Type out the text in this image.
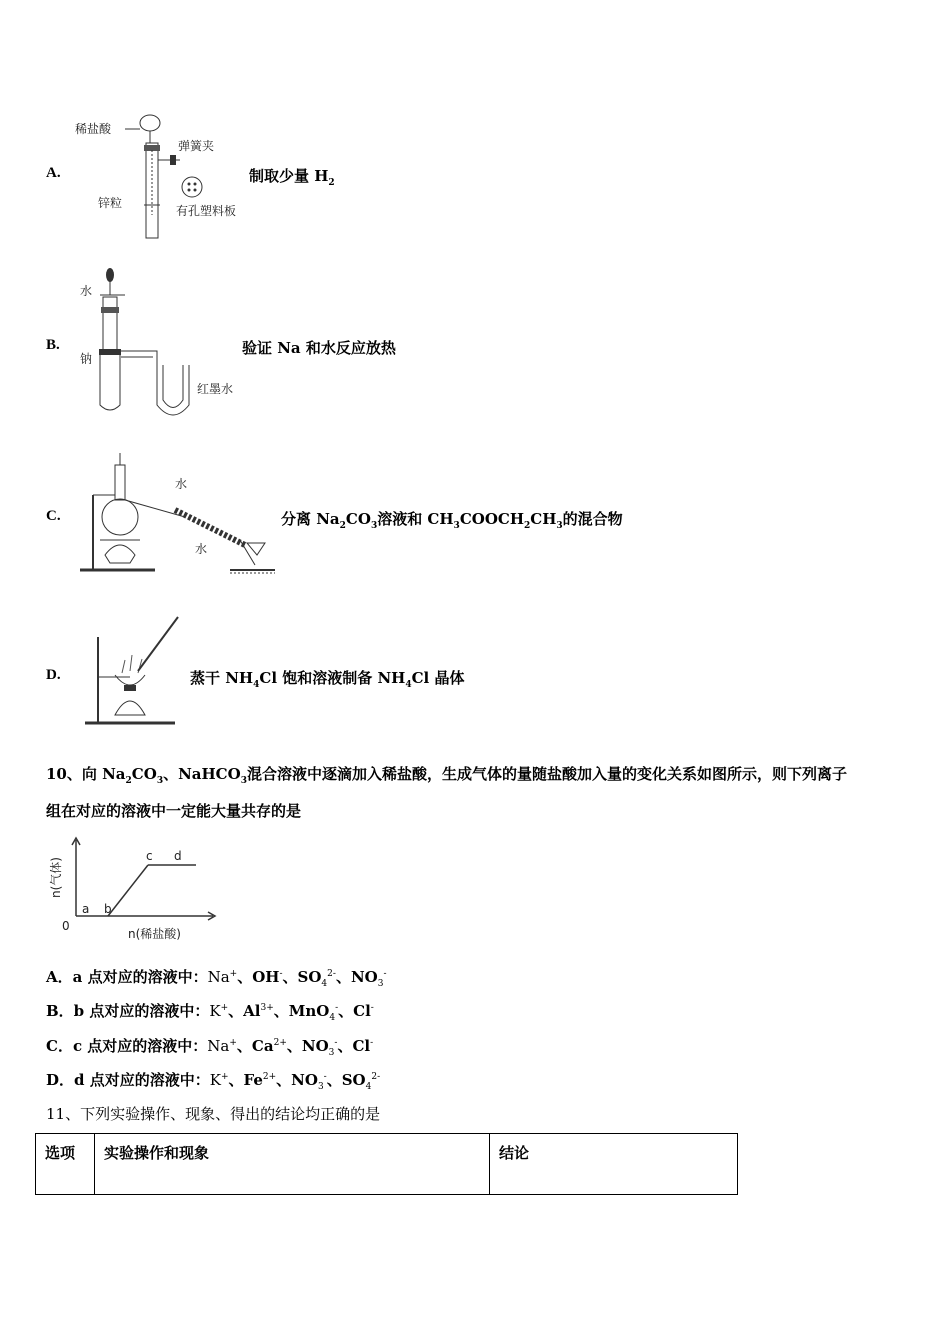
A.
稀盐酸
弹簧夹
锌粒
有孔塑料板
制取少量 $H_2$
B.
水
钠
红墨水
验证 Na 和水反应放热
C.
水
水
分离 $Na_2CO_3$溶液和 $CH_3COOCH_2CH_3$的混合物
D.	蒸干 $NH_4Cl$ 饱和溶液制备 $NH_4Cl$ 晶体
10、向 $Na_2CO_3$、NaHCO$_3$混合溶液中逐滴加入稀盐酸，生成气体的量随盐酸加入量的变化关系如图所示，则下列离子
组在对应的溶液中一定能大量共存的是
n(气体)
n(稀盐酸)
0
a b
c d
A．a 点对应的溶液中：Na+、OH-、$SO_4^{2-}$、$NO_3^-$
B．b 点对应的溶液中：K+、$Al^{3+}$、MnO$_4$-、Cl-
C．c 点对应的溶液中：Na+、$Ca^{2+}$、$NO_3^-$、Cl-
D．d 点对应的溶液中：K+、$Fe^{2+}$、$NO_3^-$、$SO_4^{2-}$
11、下列实验操作、现象、得出的结论均正确的是
选项	实验操作和现象	结论
